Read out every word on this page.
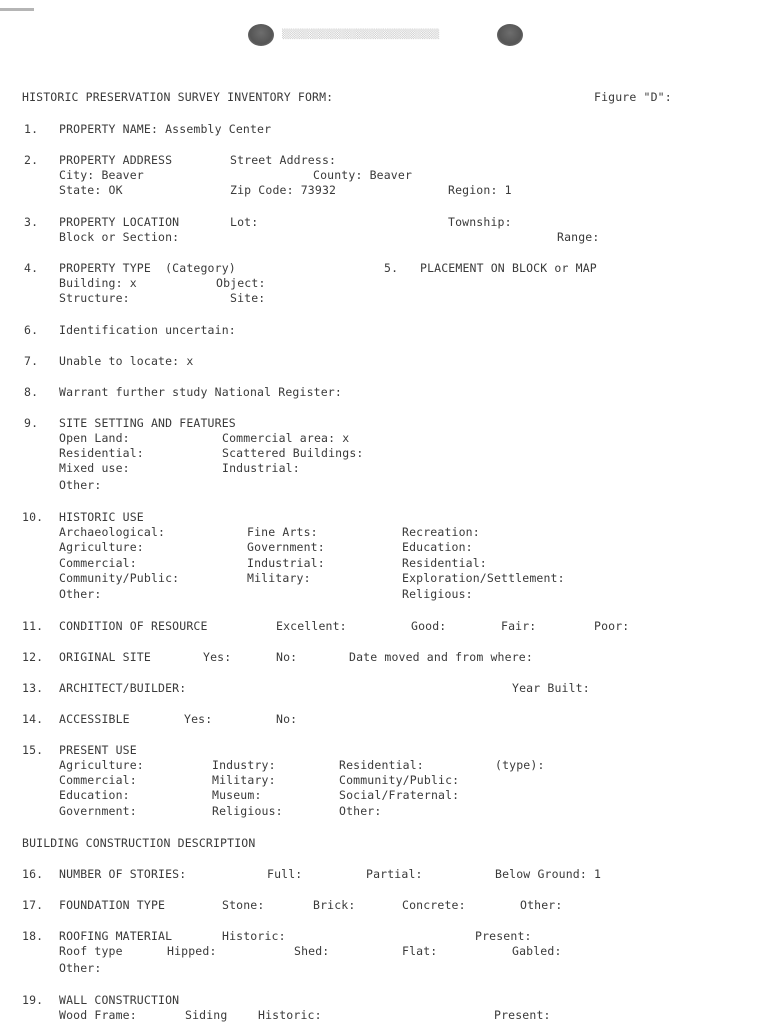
▒▒▒▒▒▒▒▒▒▒▒▒▒▒▒▒▒▒▒▒▒▒▒▒▒▒▒▒▒
HISTORIC PRESERVATION SURVEY INVENTORY FORM:	Figure "D":
1. PROPERTY NAME: Assembly Center
2. PROPERTY ADDRESS	Street Address:
City: Beaver	County: Beaver
State: OK	Zip Code: 73932	Region: 1
3. PROPERTY LOCATION	Lot:	Township:
Block or Section:	Range:
4. PROPERTY TYPE  (Category)	5. PLACEMENT ON BLOCK or MAP
Building: x	Object:
Structure:	Site:
6. Identification uncertain:
7. Unable to locate: x
8. Warrant further study National Register:
9. SITE SETTING AND FEATURES
Open Land:	Commercial area: x
Residential:	Scattered Buildings:
Mixed use:	Industrial:
Other:
10. HISTORIC USE
Archaeological:	Fine Arts:	Recreation:
Agriculture:	Government:	Education:
Commercial:	Industrial:	Residential:
Community/Public:	Military:	Exploration/Settlement:
Other:	Religious:
11. CONDITION OF RESOURCE	Excellent:	Good:	Fair:	Poor:
12. ORIGINAL SITE	Yes:	No:	Date moved and from where:
13. ARCHITECT/BUILDER:	Year Built:
14. ACCESSIBLE	Yes:	No:
15. PRESENT USE
Agriculture:	Industry:	Residential:	(type):
Commercial:	Military:	Community/Public:
Education:	Museum:	Social/Fraternal:
Government:	Religious:	Other:
BUILDING CONSTRUCTION DESCRIPTION
16. NUMBER OF STORIES:	Full:	Partial:	Below Ground: 1
17. FOUNDATION TYPE	Stone:	Brick:	Concrete:	Other:
18. ROOFING MATERIAL	Historic:	Present:
Roof type	Hipped:	Shed:	Flat:	Gabled:
Other:
19. WALL CONSTRUCTION
Wood Frame:	Siding	Historic:	Present:
